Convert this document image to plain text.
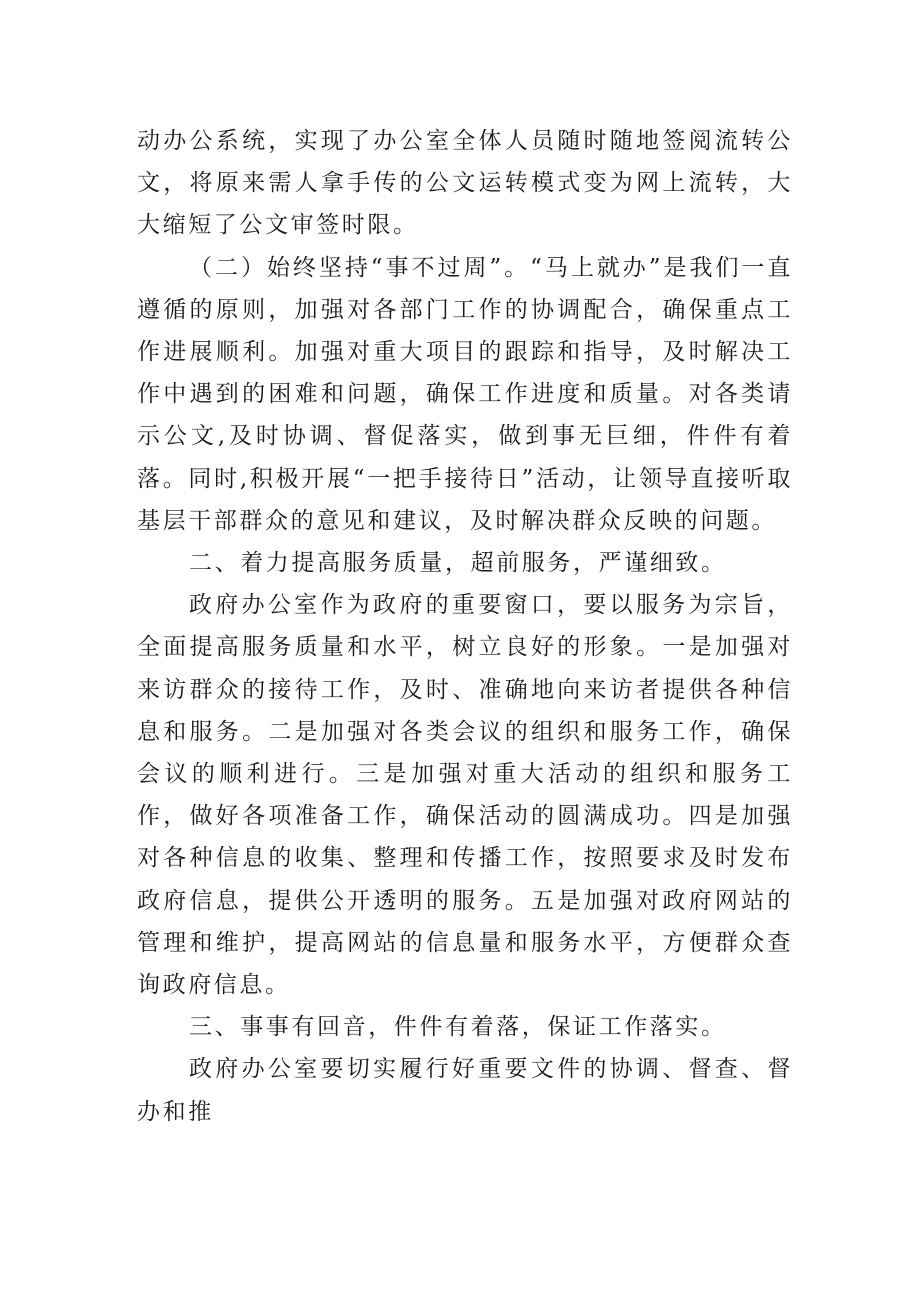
动办公系统，实现了办公室全体人员随时随地签阅流转公文，将原来需人拿手传的公文运转模式变为网上流转，大大缩短了公文审签时限。

（二）始终坚持“事不过周”。“马上就办”是我们一直遵循的原则，加强对各部门工作的协调配合，确保重点工作进展顺利。加强对重大项目的跟踪和指导，及时解决工作中遇到的困难和问题，确保工作进度和质量。对各类请示公文,及时协调、督促落实，做到事无巨细，件件有着落。同时,积极开展“一把手接待日”活动，让领导直接听取基层干部群众的意见和建议，及时解决群众反映的问题。

二、着力提高服务质量，超前服务，严谨细致。

政府办公室作为政府的重要窗口，要以服务为宗旨，全面提高服务质量和水平，树立良好的形象。一是加强对来访群众的接待工作，及时、准确地向来访者提供各种信息和服务。二是加强对各类会议的组织和服务工作，确保会议的顺利进行。三是加强对重大活动的组织和服务工作，做好各项准备工作，确保活动的圆满成功。四是加强对各种信息的收集、整理和传播工作，按照要求及时发布政府信息，提供公开透明的服务。五是加强对政府网站的管理和维护，提高网站的信息量和服务水平，方便群众查询政府信息。

三、事事有回音，件件有着落，保证工作落实。

政府办公室要切实履行好重要文件的协调、督查、督办和推
